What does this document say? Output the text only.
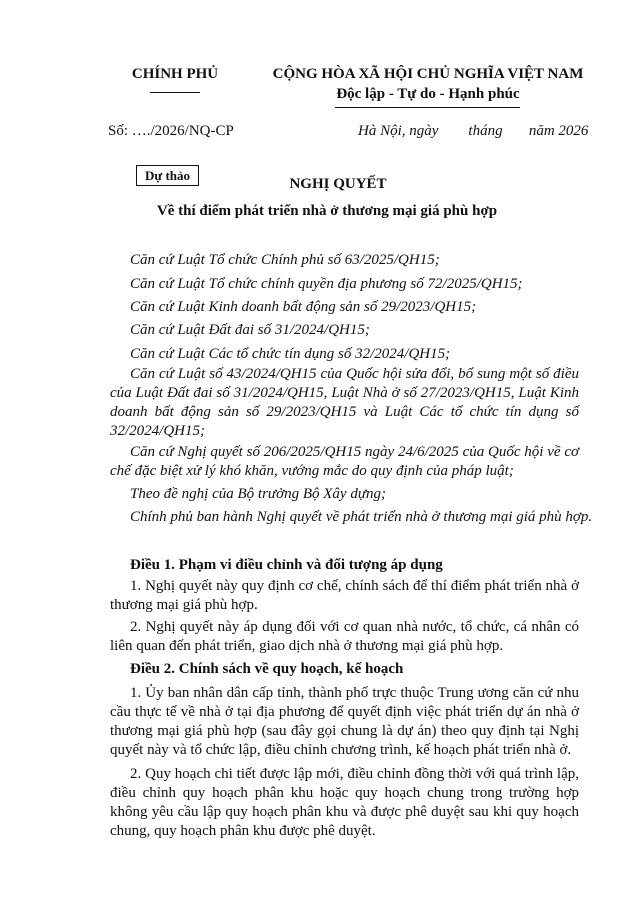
CHÍNH PHỦ	CỘNG HÒA XÃ HỘI CHỦ NGHĨA VIỆT NAM
Độc lập - Tự do - Hạnh phúc
Số: …./2026/NQ-CP	Hà Nội, ngày        tháng       năm 2026
Dự thảo
NGHỊ QUYẾT
Về thí điểm phát triển nhà ở thương mại giá phù hợp
Căn cứ Luật Tổ chức Chính phủ số 63/2025/QH15;
Căn cứ Luật Tổ chức chính quyền địa phương số 72/2025/QH15;
Căn cứ Luật Kinh doanh bất động sản số 29/2023/QH15;
Căn cứ Luật Đất đai số 31/2024/QH15;
Căn cứ Luật Các tổ chức tín dụng số 32/2024/QH15;
Căn cứ Luật số 43/2024/QH15 của Quốc hội sửa đổi, bổ sung một số điều của Luật Đất đai số 31/2024/QH15, Luật Nhà ở số 27/2023/QH15, Luật Kinh doanh bất động sản số 29/2023/QH15 và Luật Các tổ chức tín dụng số 32/2024/QH15;
Căn cứ Nghị quyết số 206/2025/QH15 ngày 24/6/2025 của Quốc hội về cơ chế đặc biệt xử lý khó khăn, vướng mắc do quy định của pháp luật;
Theo đề nghị của Bộ trưởng Bộ Xây dựng;
Chính phủ ban hành Nghị quyết về phát triển nhà ở thương mại giá phù hợp.
Điều 1. Phạm vi điều chỉnh và đối tượng áp dụng
1. Nghị quyết này quy định cơ chế, chính sách để thí điểm phát triển nhà ở thương mại giá phù hợp.
2. Nghị quyết này áp dụng đối với cơ quan nhà nước, tổ chức, cá nhân có liên quan đến phát triển, giao dịch nhà ở thương mại giá phù hợp.
Điều 2. Chính sách về quy hoạch, kế hoạch
1. Ủy ban nhân dân cấp tỉnh, thành phố trực thuộc Trung ương căn cứ nhu cầu thực tế về nhà ở tại địa phương để quyết định việc phát triển dự án nhà ở thương mại giá phù hợp (sau đây gọi chung là dự án) theo quy định tại Nghị quyết này và tổ chức lập, điều chỉnh chương trình, kế hoạch phát triển nhà ở.
2. Quy hoạch chi tiết được lập mới, điều chỉnh đồng thời với quá trình lập, điều chỉnh quy hoạch phân khu hoặc quy hoạch chung trong trường hợp không yêu cầu lập quy hoạch phân khu và được phê duyệt sau khi quy hoạch chung, quy hoạch phân khu được phê duyệt.
